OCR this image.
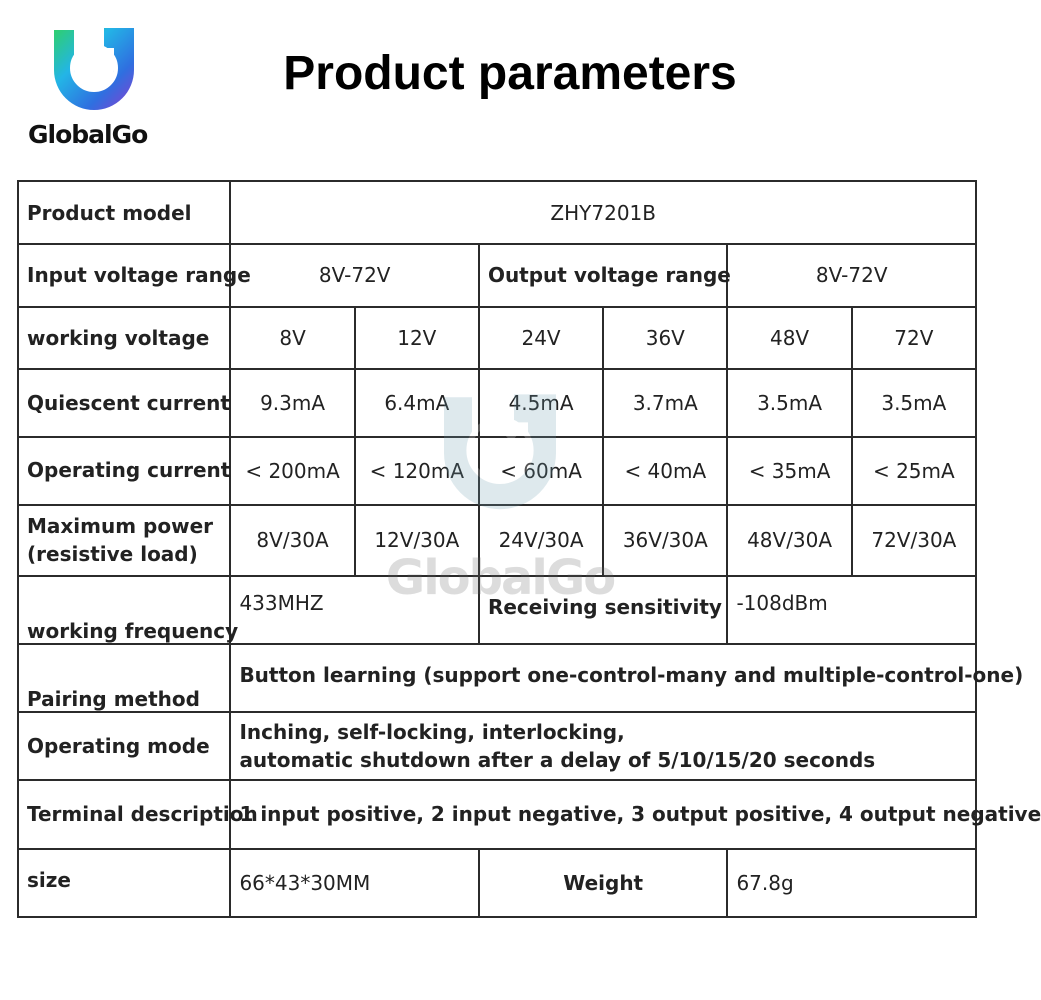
GlobalGo
Product parameters
Product model	ZHY7201B					
Input voltage range	8V-72V		Output voltage range		8V-72V	
working voltage	8V	12V	24V	36V	48V	72V
Quiescent current	9.3mA	6.4mA	4.5mA	3.7mA	3.5mA	3.5mA
Operating current	< 200mA	< 120mA	< 60mA	< 40mA	< 35mA	< 25mA

Maximum power
(resistive load)	8V/30A	12V/30A	24V/30A	36V/30A	48V/30A	72V/30A
working frequency	433MHZ		Receiving sensitivity		-108dBm	
Pairing method	Button learning (support one-control-many and multiple-control-one)					
Operating mode	Inching, self-locking, interlocking,
automatic shutdown after a delay of 5/10/15/20 seconds					

Terminal description	1 input positive, 2 input negative, 3 output positive, 4 output negative					
size	66*43*30MM		Weight		67.8g	
GlobalGo
